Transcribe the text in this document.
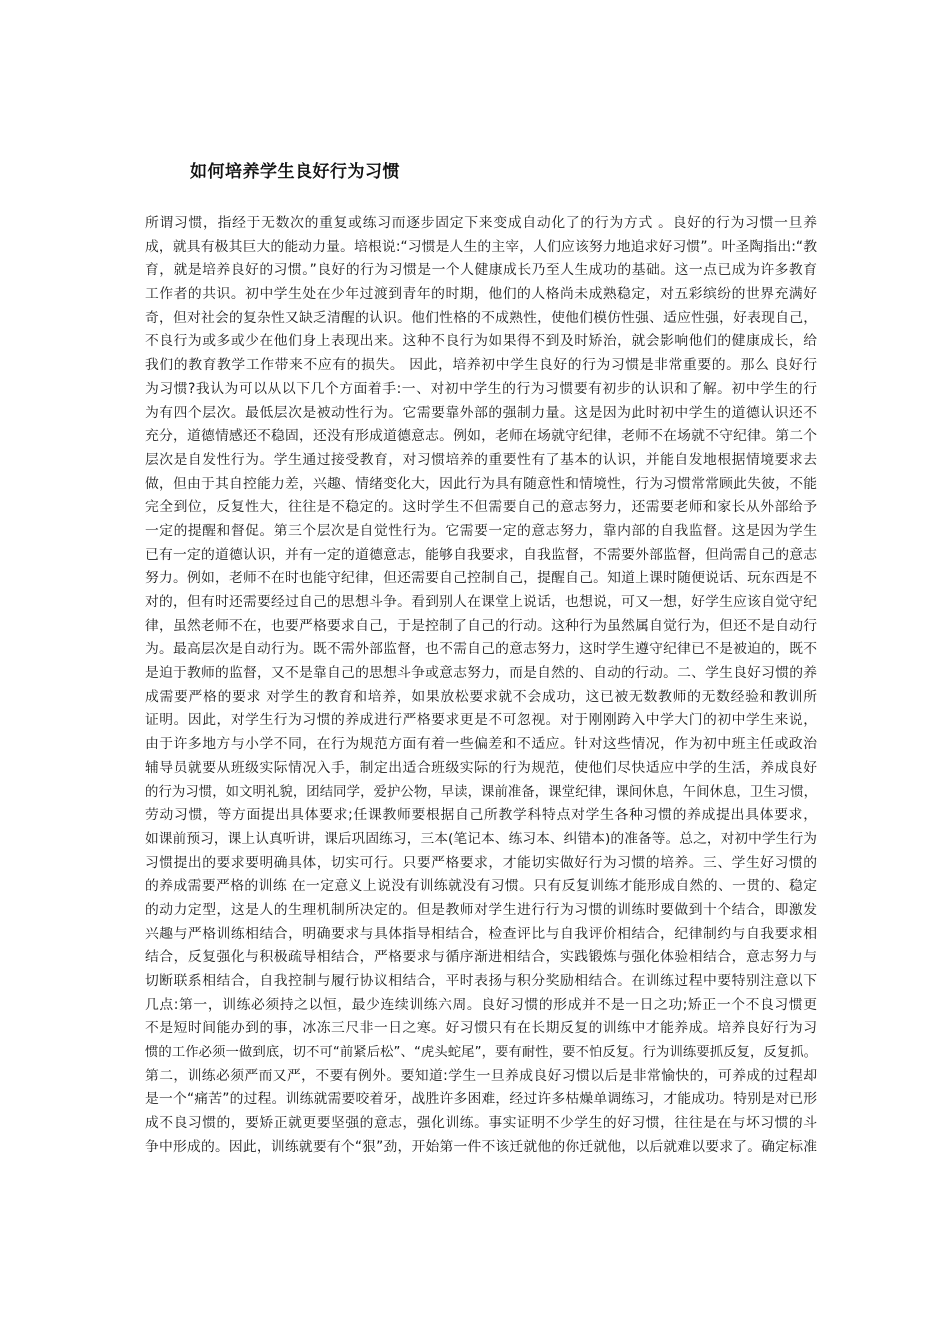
如何培养学生良好行为习惯
所谓习惯，指经于无数次的重复或练习而逐步固定下来变成自动化了的行为方式 。良好的行为习惯一旦养
成，就具有极其巨大的能动力量。培根说:“习惯是人生的主宰，人们应该努力地追求好习惯”。叶圣陶指出:“教
育，就是培养良好的习惯。”良好的行为习惯是一个人健康成长乃至人生成功的基础。这一点已成为许多教育
工作者的共识。初中学生处在少年过渡到青年的时期，他们的人格尚未成熟稳定，对五彩缤纷的世界充满好
奇，但对社会的复杂性又缺乏清醒的认识。他们性格的不成熟性，使他们模仿性强、适应性强，好表现自己，
不良行为或多或少在他们身上表现出来。这种不良行为如果得不到及时矫治，就会影响他们的健康成长，给
我们的教育教学工作带来不应有的损失。 因此，培养初中学生良好的行为习惯是非常重要的。那么 良好行
为习惯?我认为可以从以下几个方面着手:一、对初中学生的行为习惯要有初步的认识和了解。初中学生的行
为有四个层次。最低层次是被动性行为。它需要靠外部的强制力量。这是因为此时初中学生的道德认识还不
充分，道德情感还不稳固，还没有形成道德意志。例如，老师在场就守纪律，老师不在场就不守纪律。第二个
层次是自发性行为。学生通过接受教育，对习惯培养的重要性有了基本的认识，并能自发地根据情境要求去
做，但由于其自控能力差，兴趣、情绪变化大，因此行为具有随意性和情境性，行为习惯常常顾此失彼，不能
完全到位，反复性大，往往是不稳定的。这时学生不但需要自己的意志努力，还需要老师和家长从外部给予
一定的提醒和督促。第三个层次是自觉性行为。它需要一定的意志努力，靠内部的自我监督。这是因为学生
已有一定的道德认识，并有一定的道德意志，能够自我要求，自我监督，不需要外部监督，但尚需自己的意志
努力。例如，老师不在时也能守纪律，但还需要自己控制自己，提醒自己。知道上课时随便说话、玩东西是不
对的，但有时还需要经过自己的思想斗争。看到别人在课堂上说话，也想说，可又一想，好学生应该自觉守纪
律，虽然老师不在，也要严格要求自己，于是控制了自己的行动。这种行为虽然属自觉行为，但还不是自动行
为。最高层次是自动行为。既不需外部监督，也不需自己的意志努力，这时学生遵守纪律已不是被迫的，既不
是迫于教师的监督，又不是靠自己的思想斗争或意志努力，而是自然的、自动的行动。二、学生良好习惯的养
成需要严格的要求 对学生的教育和培养，如果放松要求就不会成功，这已被无数教师的无数经验和教训所
证明。因此，对学生行为习惯的养成进行严格要求更是不可忽视。对于刚刚跨入中学大门的初中学生来说，
由于许多地方与小学不同，在行为规范方面有着一些偏差和不适应。针对这些情况，作为初中班主任或政治
辅导员就要从班级实际情况入手，制定出适合班级实际的行为规范，使他们尽快适应中学的生活，养成良好
的行为习惯，如文明礼貌，团结同学，爱护公物，早读，课前准备，课堂纪律，课间休息，午间休息，卫生习惯，
劳动习惯，等方面提出具体要求;任课教师要根据自己所教学科特点对学生各种习惯的养成提出具体要求，
如课前预习，课上认真听讲，课后巩固练习，三本(笔记本、练习本、纠错本)的准备等。总之，对初中学生行为
习惯提出的要求要明确具体，切实可行。只要严格要求，才能切实做好行为习惯的培养。三、学生好习惯的
的养成需要严格的训练 在一定意义上说没有训练就没有习惯。只有反复训练才能形成自然的、一贯的、稳定
的动力定型，这是人的生理机制所决定的。但是教师对学生进行行为习惯的训练时要做到十个结合，即激发
兴趣与严格训练相结合，明确要求与具体指导相结合，检查评比与自我评价相结合，纪律制约与自我要求相
结合，反复强化与积极疏导相结合，严格要求与循序渐进相结合，实践锻炼与强化体验相结合，意志努力与
切断联系相结合，自我控制与履行协议相结合，平时表扬与积分奖励相结合。在训练过程中要特别注意以下
几点:第一，训练必须持之以恒，最少连续训练六周。良好习惯的形成并不是一日之功;矫正一个不良习惯更
不是短时间能办到的事，冰冻三尺非一日之寒。好习惯只有在长期反复的训练中才能养成。培养良好行为习
惯的工作必须一做到底，切不可“前紧后松”、“虎头蛇尾”，要有耐性，要不怕反复。行为训练要抓反复，反复抓。
第二，训练必须严而又严，不要有例外。要知道:学生一旦养成良好习惯以后是非常愉快的，可养成的过程却
是一个“痛苦”的过程。训练就需要咬着牙，战胜许多困难，经过许多枯燥单调练习，才能成功。特别是对已形
成不良习惯的，要矫正就更要坚强的意志，强化训练。事实证明不少学生的好习惯，往往是在与坏习惯的斗
争中形成的。因此，训练就要有个“狠”劲，开始第一件不该迁就他的你迁就他，以后就难以要求了。确定标准
